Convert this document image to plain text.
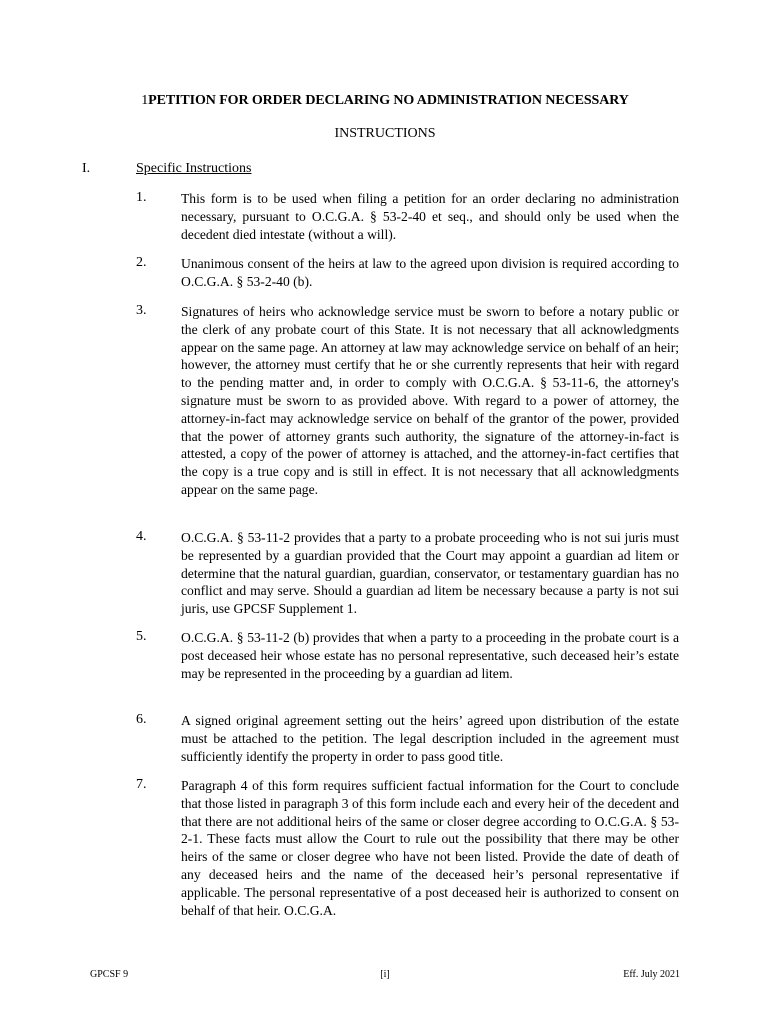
1PETITION FOR ORDER DECLARING NO ADMINISTRATION NECESSARY
INSTRUCTIONS
I.	Specific Instructions
1.	This form is to be used when filing a petition for an order declaring no administration necessary, pursuant to O.C.G.A. § 53-2-40 et seq., and should only be used when the decedent died intestate (without a will).
2.	Unanimous consent of the heirs at law to the agreed upon division is required according to O.C.G.A. § 53-2-40 (b).
3.	Signatures of heirs who acknowledge service must be sworn to before a notary public or the clerk of any probate court of this State. It is not necessary that all acknowledgments appear on the same page. An attorney at law may acknowledge service on behalf of an heir; however, the attorney must certify that he or she currently represents that heir with regard to the pending matter and, in order to comply with O.C.G.A. § 53-11-6, the attorney's signature must be sworn to as provided above. With regard to a power of attorney, the attorney-in-fact may acknowledge service on behalf of the grantor of the power, provided that the power of attorney grants such authority, the signature of the attorney-in-fact is attested, a copy of the power of attorney is attached, and the attorney-in-fact certifies that the copy is a true copy and is still in effect. It is not necessary that all acknowledgments appear on the same page.
4.	O.C.G.A. § 53-11-2 provides that a party to a probate proceeding who is not sui juris must be represented by a guardian provided that the Court may appoint a guardian ad litem or determine that the natural guardian, guardian, conservator, or testamentary guardian has no conflict and may serve. Should a guardian ad litem be necessary because a party is not sui juris, use GPCSF Supplement 1.
5.	O.C.G.A. § 53-11-2 (b) provides that when a party to a proceeding in the probate court is a post deceased heir whose estate has no personal representative, such deceased heir’s estate may be represented in the proceeding by a guardian ad litem.
6.	A signed original agreement setting out the heirs’ agreed upon distribution of the estate must be attached to the petition. The legal description included in the agreement must sufficiently identify the property in order to pass good title.
7.	Paragraph 4 of this form requires sufficient factual information for the Court to conclude that those listed in paragraph 3 of this form include each and every heir of the decedent and that there are not additional heirs of the same or closer degree according to O.C.G.A. § 53-2-1. These facts must allow the Court to rule out the possibility that there may be other heirs of the same or closer degree who have not been listed. Provide the date of death of any deceased heirs and the name of the deceased heir’s personal representative if applicable. The personal representative of a post deceased heir is authorized to consent on behalf of that heir. O.C.G.A.
GPCSF 9	[i]	Eff. July 2021
